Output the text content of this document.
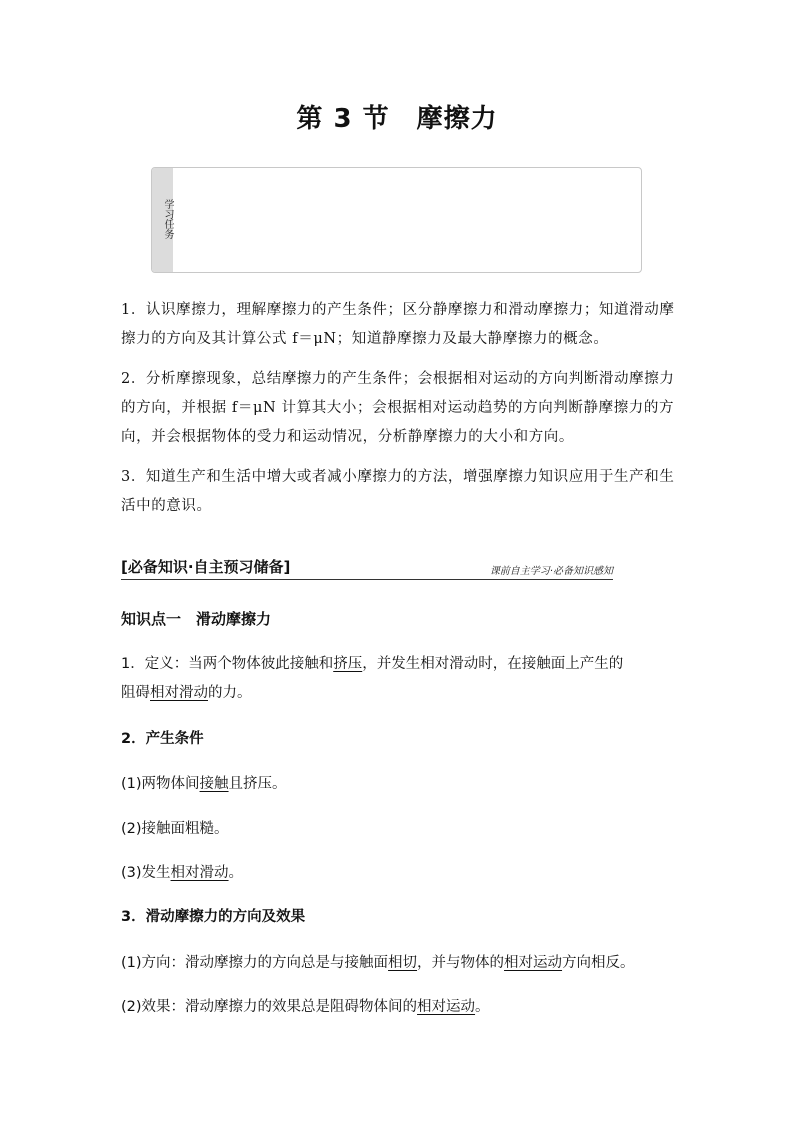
第 3 节　摩擦力
学习任务

1．认识摩擦力，理解摩擦力的产生条件；区分静摩擦力和滑动摩擦力；知道滑动摩擦力的方向及其计算公式 f＝μN；知道静摩擦力及最大静摩擦力的概念。

2．分析摩擦现象，总结摩擦力的产生条件；会根据相对运动的方向判断滑动摩擦力的方向，并根据 f＝μN 计算其大小；会根据相对运动趋势的方向判断静摩擦力的方向，并会根据物体的受力和运动情况，分析静摩擦力的大小和方向。

3．知道生产和生活中增大或者减小摩擦力的方法，增强摩擦力知识应用于生产和生活中的意识。

[必备知识·自主预习储备]	课前自主学习·必备知识感知
知识点一　滑动摩擦力
1．定义：当两个物体彼此接触和挤压，并发生相对滑动时，在接触面上产生的
阻碍相对滑动的力。
2．产生条件
(1)两物体间接触且挤压。
(2)接触面粗糙。
(3)发生相对滑动。
3．滑动摩擦力的方向及效果
(1)方向：滑动摩擦力的方向总是与接触面相切，并与物体的相对运动方向相反。
(2)效果：滑动摩擦力的效果总是阻碍物体间的相对运动。
